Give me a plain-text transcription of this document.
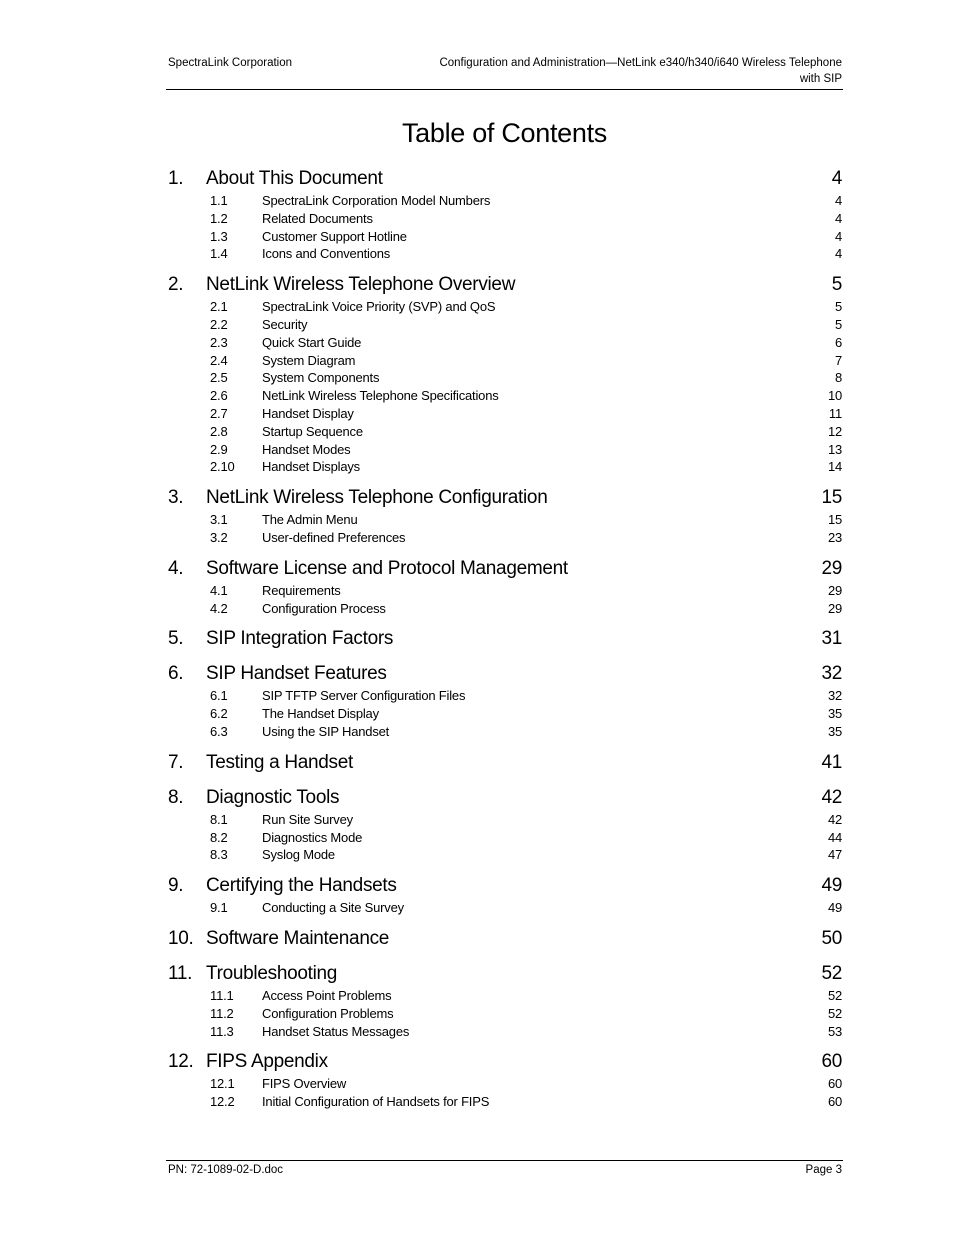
SpectraLink Corporation	Configuration and Administration—NetLink e340/h340/i640 Wireless Telephone
with SIP
Table of Contents
1. About This Document	4
1.1	SpectraLink Corporation Model Numbers	4
1.2	Related Documents	4
1.3	Customer Support Hotline	4
1.4	Icons and Conventions	4
2. NetLink Wireless Telephone Overview	5
2.1	SpectraLink Voice Priority (SVP) and QoS	5
2.2	Security	5
2.3	Quick Start Guide	6
2.4	System Diagram	7
2.5	System Components	8
2.6	NetLink Wireless Telephone Specifications	10
2.7	Handset Display	11
2.8	Startup Sequence	12
2.9	Handset Modes	13
2.10 Handset Displays	14
3. NetLink Wireless Telephone Configuration	15
3.1	The Admin Menu	15
3.2	User-defined Preferences	23
4. Software License and Protocol Management	29
4.1	Requirements	29
4.2	Configuration Process	29
5. SIP Integration Factors	31
6. SIP Handset Features	32
6.1	SIP TFTP Server Configuration Files	32
6.2	The Handset Display	35
6.3	Using the SIP Handset	35
7. Testing a Handset	41
8. Diagnostic Tools	42
8.1	Run Site Survey	42
8.2	Diagnostics Mode	44
8.3	Syslog Mode	47
9. Certifying the Handsets	49
9.1	Conducting a Site Survey	49
10. Software Maintenance	50
11. Troubleshooting	52
11.1 Access Point Problems	52
11.2 Configuration Problems	52
11.3 Handset Status Messages	53
12. FIPS Appendix	60
12.1 FIPS Overview	60
12.2 Initial Configuration of Handsets for FIPS	60
PN: 72-1089-02-D.doc	Page 3
